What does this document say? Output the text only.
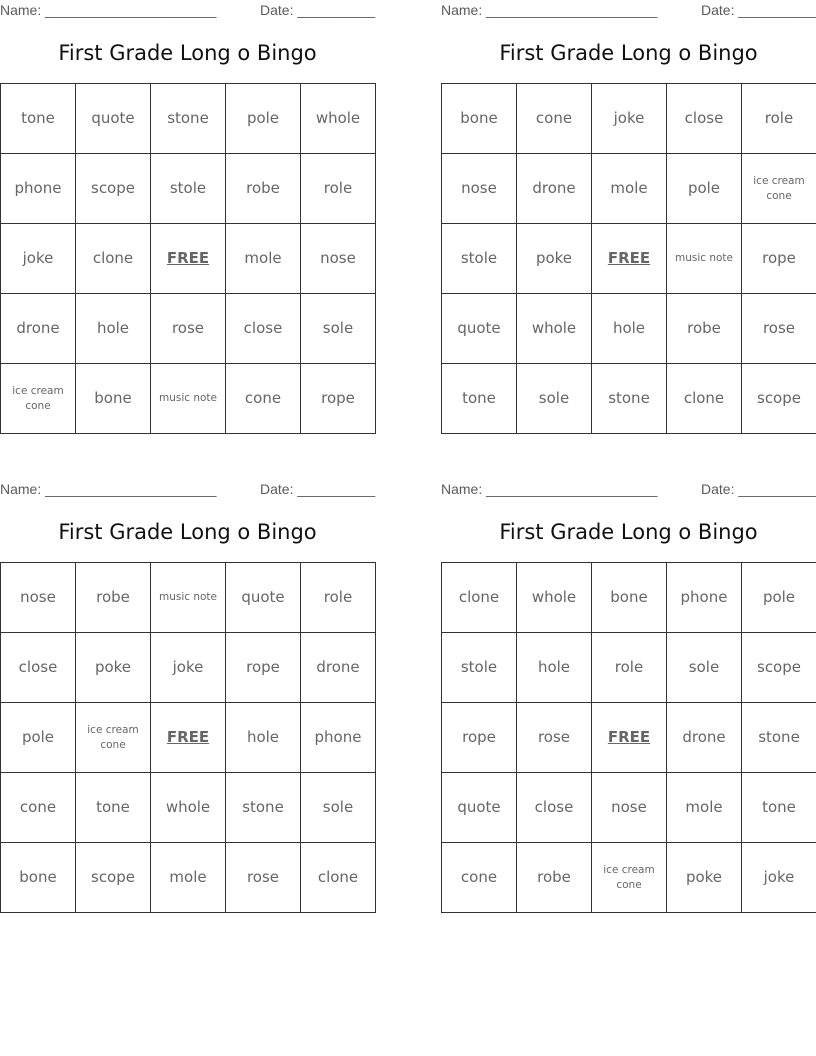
Name: ______________________	Date: __________
First Grade Long o Bingo
tone	quote	stone	pole	whole
phone	scope	stole	robe	role
joke	clone	FREE	mole	nose
drone	hole	rose	close	sole
ice cream cone	bone	music note	cone	rope
Name: ______________________	Date: __________
First Grade Long o Bingo
bone	cone	joke	close	role
nose	drone	mole	pole	ice cream cone
stole	poke	FREE	music note	rope
quote	whole	hole	robe	rose
tone	sole	stone	clone	scope
Name: ______________________	Date: __________
First Grade Long o Bingo
nose	robe	music note	quote	role
close	poke	joke	rope	drone
pole	ice cream cone	FREE	hole	phone
cone	tone	whole	stone	sole
bone	scope	mole	rose	clone
Name: ______________________	Date: __________
First Grade Long o Bingo
clone	whole	bone	phone	pole
stole	hole	role	sole	scope
rope	rose	FREE	drone	stone
quote	close	nose	mole	tone
cone	robe	ice cream cone	poke	joke
